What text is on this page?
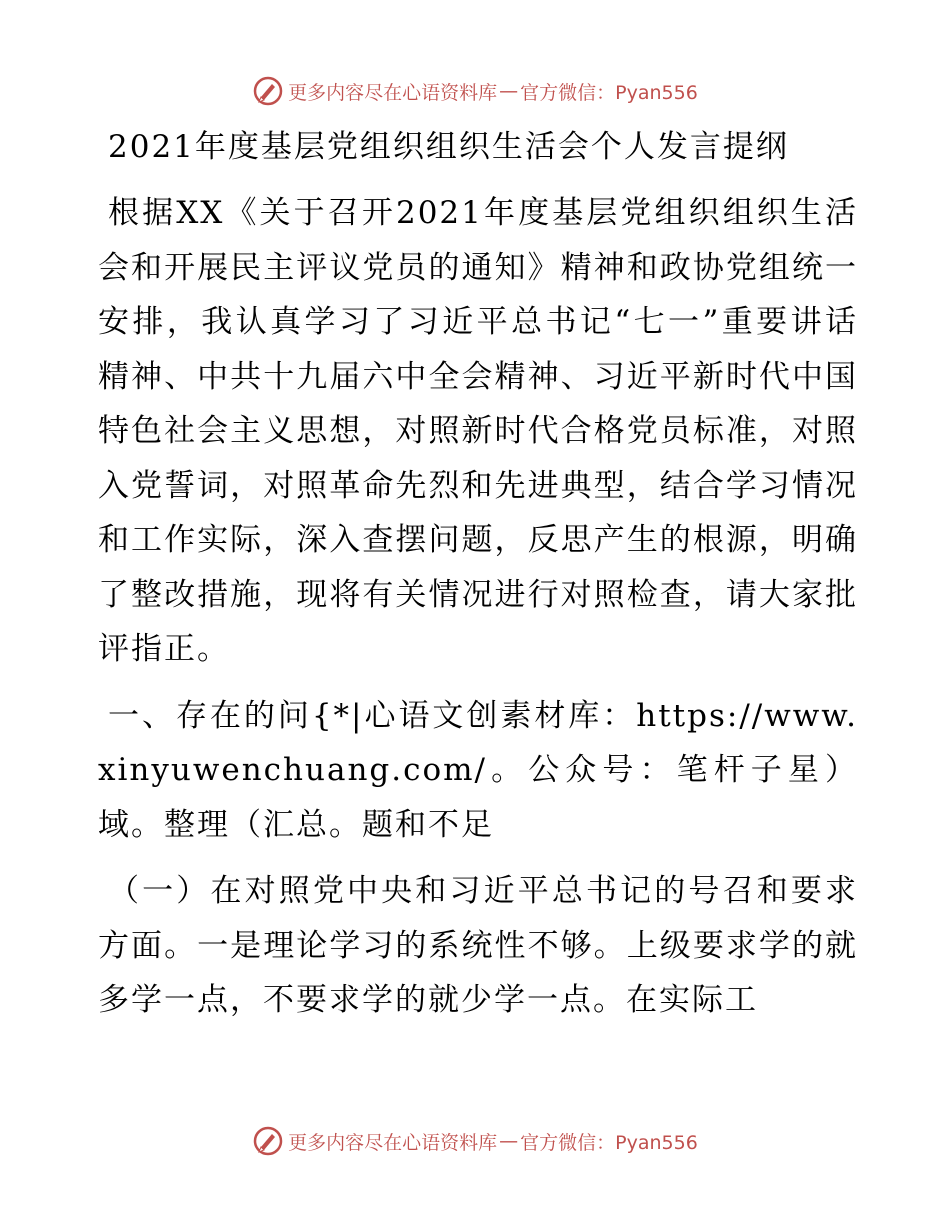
更多内容尽在心语资料库 — 官方微信：Pyan556
2021年度基层党组织组织生活会个人发言提纲

根据XX《关于召开2021年度基层党组织组织生活会和开展民主评议党员的通知》精神和政协党组统一安排，我认真学习了习近平总书记“七一”重要讲话精神、中共十九届六中全会精神、习近平新时代中国特色社会主义思想，对照新时代合格党员标准，对照入党誓词，对照革命先烈和先进典型，结合学习情况和工作实际，深入查摆问题，反思产生的根源，明确了整改措施，现将有关情况进行对照检查，请大家批评指正。

一、存在的问{*|心语文创素材库：https://www.xinyuwenchuang.com/。公众号：笔杆子星）域。整理（汇总。题和不足

（一）在对照党中央和习近平总书记的号召和要求方面。一是理论学习的系统性不够。上级要求学的就多学一点，不要求学的就少学一点。在实际工

更多内容尽在心语资料库 — 官方微信：Pyan556
